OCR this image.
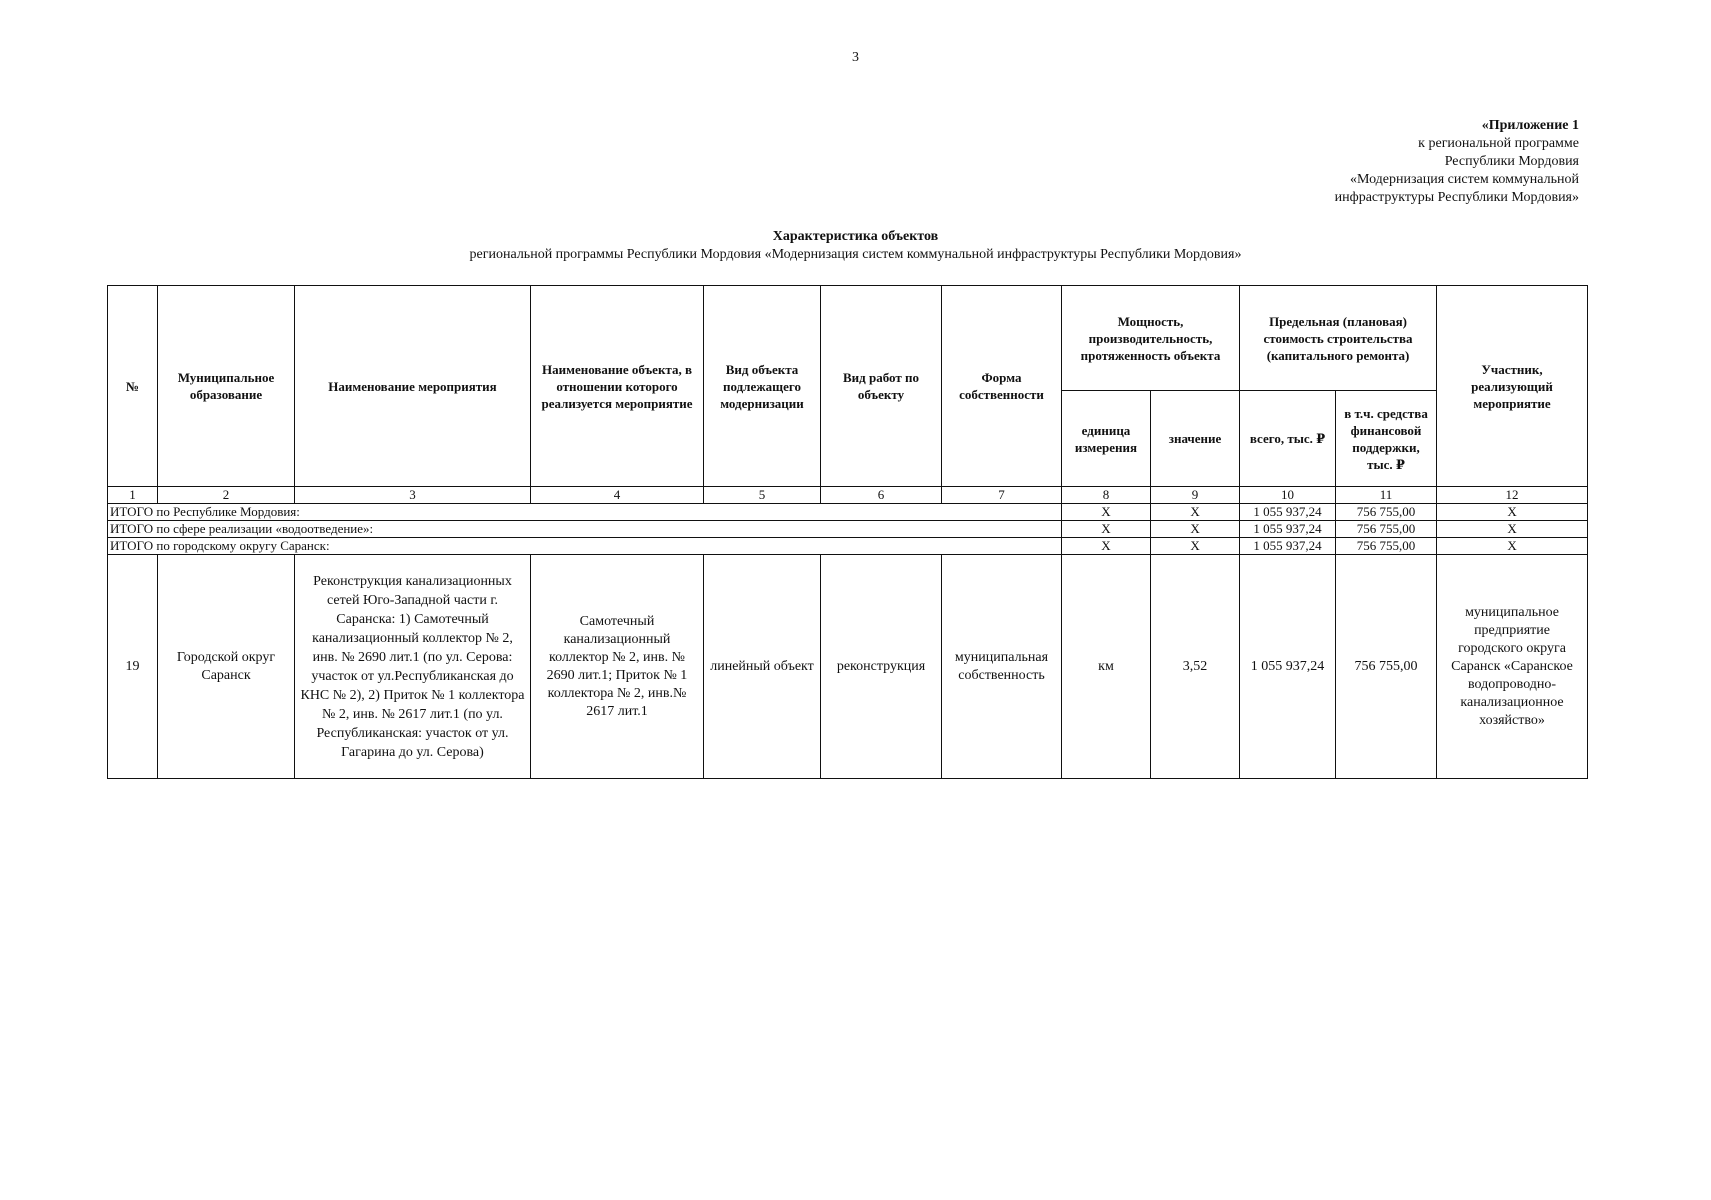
3
«Приложение 1
к региональной программе
Республики Мордовия
«Модернизация систем коммунальной
инфраструктуры Республики Мордовия»
Характеристика объектов
региональной программы Республики Мордовия «Модернизация систем коммунальной инфраструктуры Республики Мордовия»
№	Муниципальное образование	Наименование мероприятия	Наименование объекта, в отношении которого реализуется мероприятие	Вид объекта подлежащего модернизации	Вид работ по объекту	Форма собственности	Мощность, производительность, протяженность объекта		Предельная (плановая) стоимость строительства (капитального ремонта)		Участник, реализующий мероприятие
							единица измерения	значение	всего, тыс. ₽	в т.ч. средства финансовой поддержки, тыс. ₽	
1	2	3	4	5	6	7	8	9	10	11	12
ИТОГО по Республике Мордовия:							X	X	1 055 937,24	756 755,00	X
ИТОГО по сфере реализации «водоотведение»:							X	X	1 055 937,24	756 755,00	X
ИТОГО по городскому округу Саранск:							X	X	1 055 937,24	756 755,00	X
19	Городской округ Саранск	Реконструкция канализационных сетей Юго-Западной части г. Саранска: 1) Самотечный канализационный коллектор № 2, инв. № 2690 лит.1 (по ул. Серова: участок от ул.Республиканская до КНС № 2), 2) Приток № 1 коллектора № 2, инв. № 2617 лит.1 (по ул. Республиканская: участок от ул. Гагарина до ул. Серова)	Самотечный канализационный коллектор № 2, инв. № 2690 лит.1; Приток № 1 коллектора № 2, инв.№ 2617 лит.1	линейный объект	реконструкция	муниципальная собственность	км	3,52	1 055 937,24	756 755,00	муниципальное предприятие городского округа Саранск «Саранское водопроводно-канализационное хозяйство»
